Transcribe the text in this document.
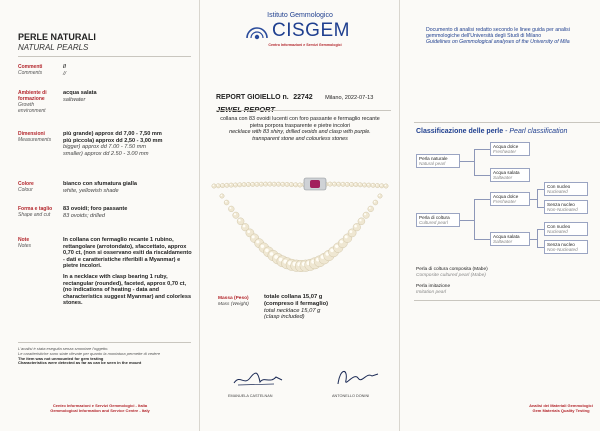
PERLE NATURALI
NATURAL PEARLS
Commenti
Comments
//
//
Ambiente di formazione
Growth environment
acqua salata
saltwater
Dimensioni
Measurements
più grande) approx dd 7,00 - 7,50 mm
più piccola) approx dd 2,50 - 3,00 mm
bigger) approx dd 7.00 - 7.50 mm
smaller) approx dd 2.50 - 3.00 mm
Colore
Colour
bianco con sfumatura gialla
white, yellowish shade
Forma e taglio
Shape and cut
83 ovoidi; foro passante
83 ovoids; drilled
Note
Notes
In collana con fermaglio recante 1 rubino, rettangolare (arrotondato), sfaccettato, approx 0,70 ct, (non si osservano esiti da riscaldamento - dati e caratteristiche riferibili a Myanmar) e pietre incolori.
In a necklace with clasp bearing 1 ruby, rectangular (rounded), faceted, approx 0,70 ct, (no indications of heating - data and characteristics suggest Myanmar) and colorless stones.
L'analisi è stata eseguita senza smontare l'oggetto.
Le caratteristiche sono state rilevate per quanto la montatura permette di vedere
The item was not unmounted for gem testing
Characteristics were detected as far as can be seen in the mount
Centro Informazioni e Servizi Gemmologici - Italia
Gemmological Information and Service Centre - Italy
Istituto Gemmologico
CISGEM
Centro Informazioni e Servizi Gemmologici
REPORT GIOIELLO n. 22742 Milano, 2022-07-13
JEWEL REPORT
collana con 83 ovoidi lucenti con foro passante e fermaglio recante
pietra porpora trasparente e pietre incolori
necklace with 83 shiny, drilled ovoids and clasp with purple.
transparent stone and colourless stones
Massa (Peso)
Mass (Weight)
totale collana 15,07 g
(compreso il fermaglio)
total necklace 15,07 g
(clasp included)
EMANUELA CASTELNAN	ANTONELLO DONINI
Documento di analisi redatto secondo le linee guida per analisi
gemmologiche dell'Università degli Studi di Milano
Guidelines on Gemmological analyses of the University of Mila
Classificazione delle perle - Pearl classification
Perla naturale
Natural pearl
Acqua dolce
Freshwater
Acqua salata
Saltwater
Perla di coltura
Cultured pearl
Acqua dolce
Freshwater
Acqua salata
Saltwater
Con nucleo
Nucleated
Senza nucleo
Non-Nucleated
Con nucleo
Nucleated
Senza nucleo
Non-Nucleated
Perla di coltura composita (Mabe)
Composite cultured pearl (Mabe)
Perla imitazione
Imitation pearl
Analisi dei Materiali Gemmologici
Gem Materials Quality Testing
